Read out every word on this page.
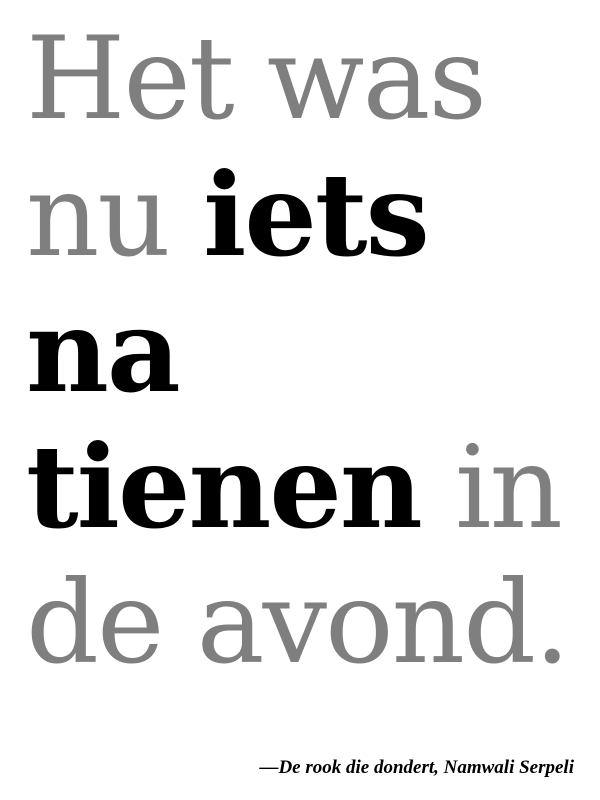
Het was

nu iets

na

tienen in

de avond.

—De rook die dondert, Namwali Serpeli
